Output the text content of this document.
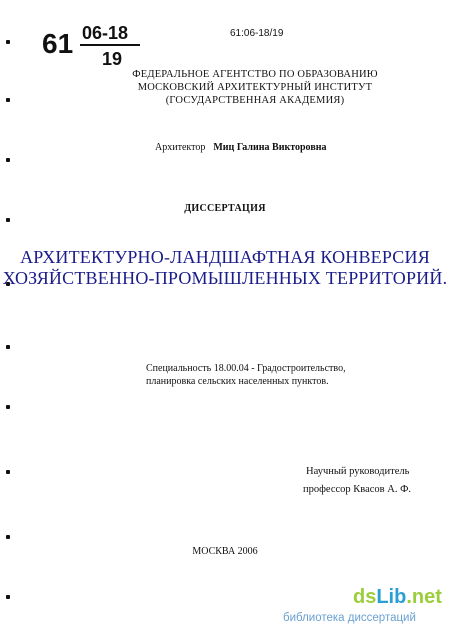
61 06-18
19
61:06-18/19
ФЕДЕРАЛЬНОЕ АГЕНТСТВО ПО ОБРАЗОВАНИЮ
МОСКОВСКИЙ АРХИТЕКТУРНЫЙ ИНСТИТУТ
(ГОСУДАРСТВЕННАЯ АКАДЕМИЯ)
Архитектор Миц Галина Викторовна
ДИССЕРТАЦИЯ
АРХИТЕКТУРНО-ЛАНДШАФТНАЯ КОНВЕРСИЯ
ХОЗЯЙСТВЕННО-ПРОМЫШЛЕННЫХ ТЕРРИТОРИЙ.
Специальность 18.00.04 - Градостроительство,
планировка сельских населенных пунктов.
Научный руководитель
профессор Квасов А. Ф.
МОСКВА 2006
dsLib.net
библиотека диссертаций
